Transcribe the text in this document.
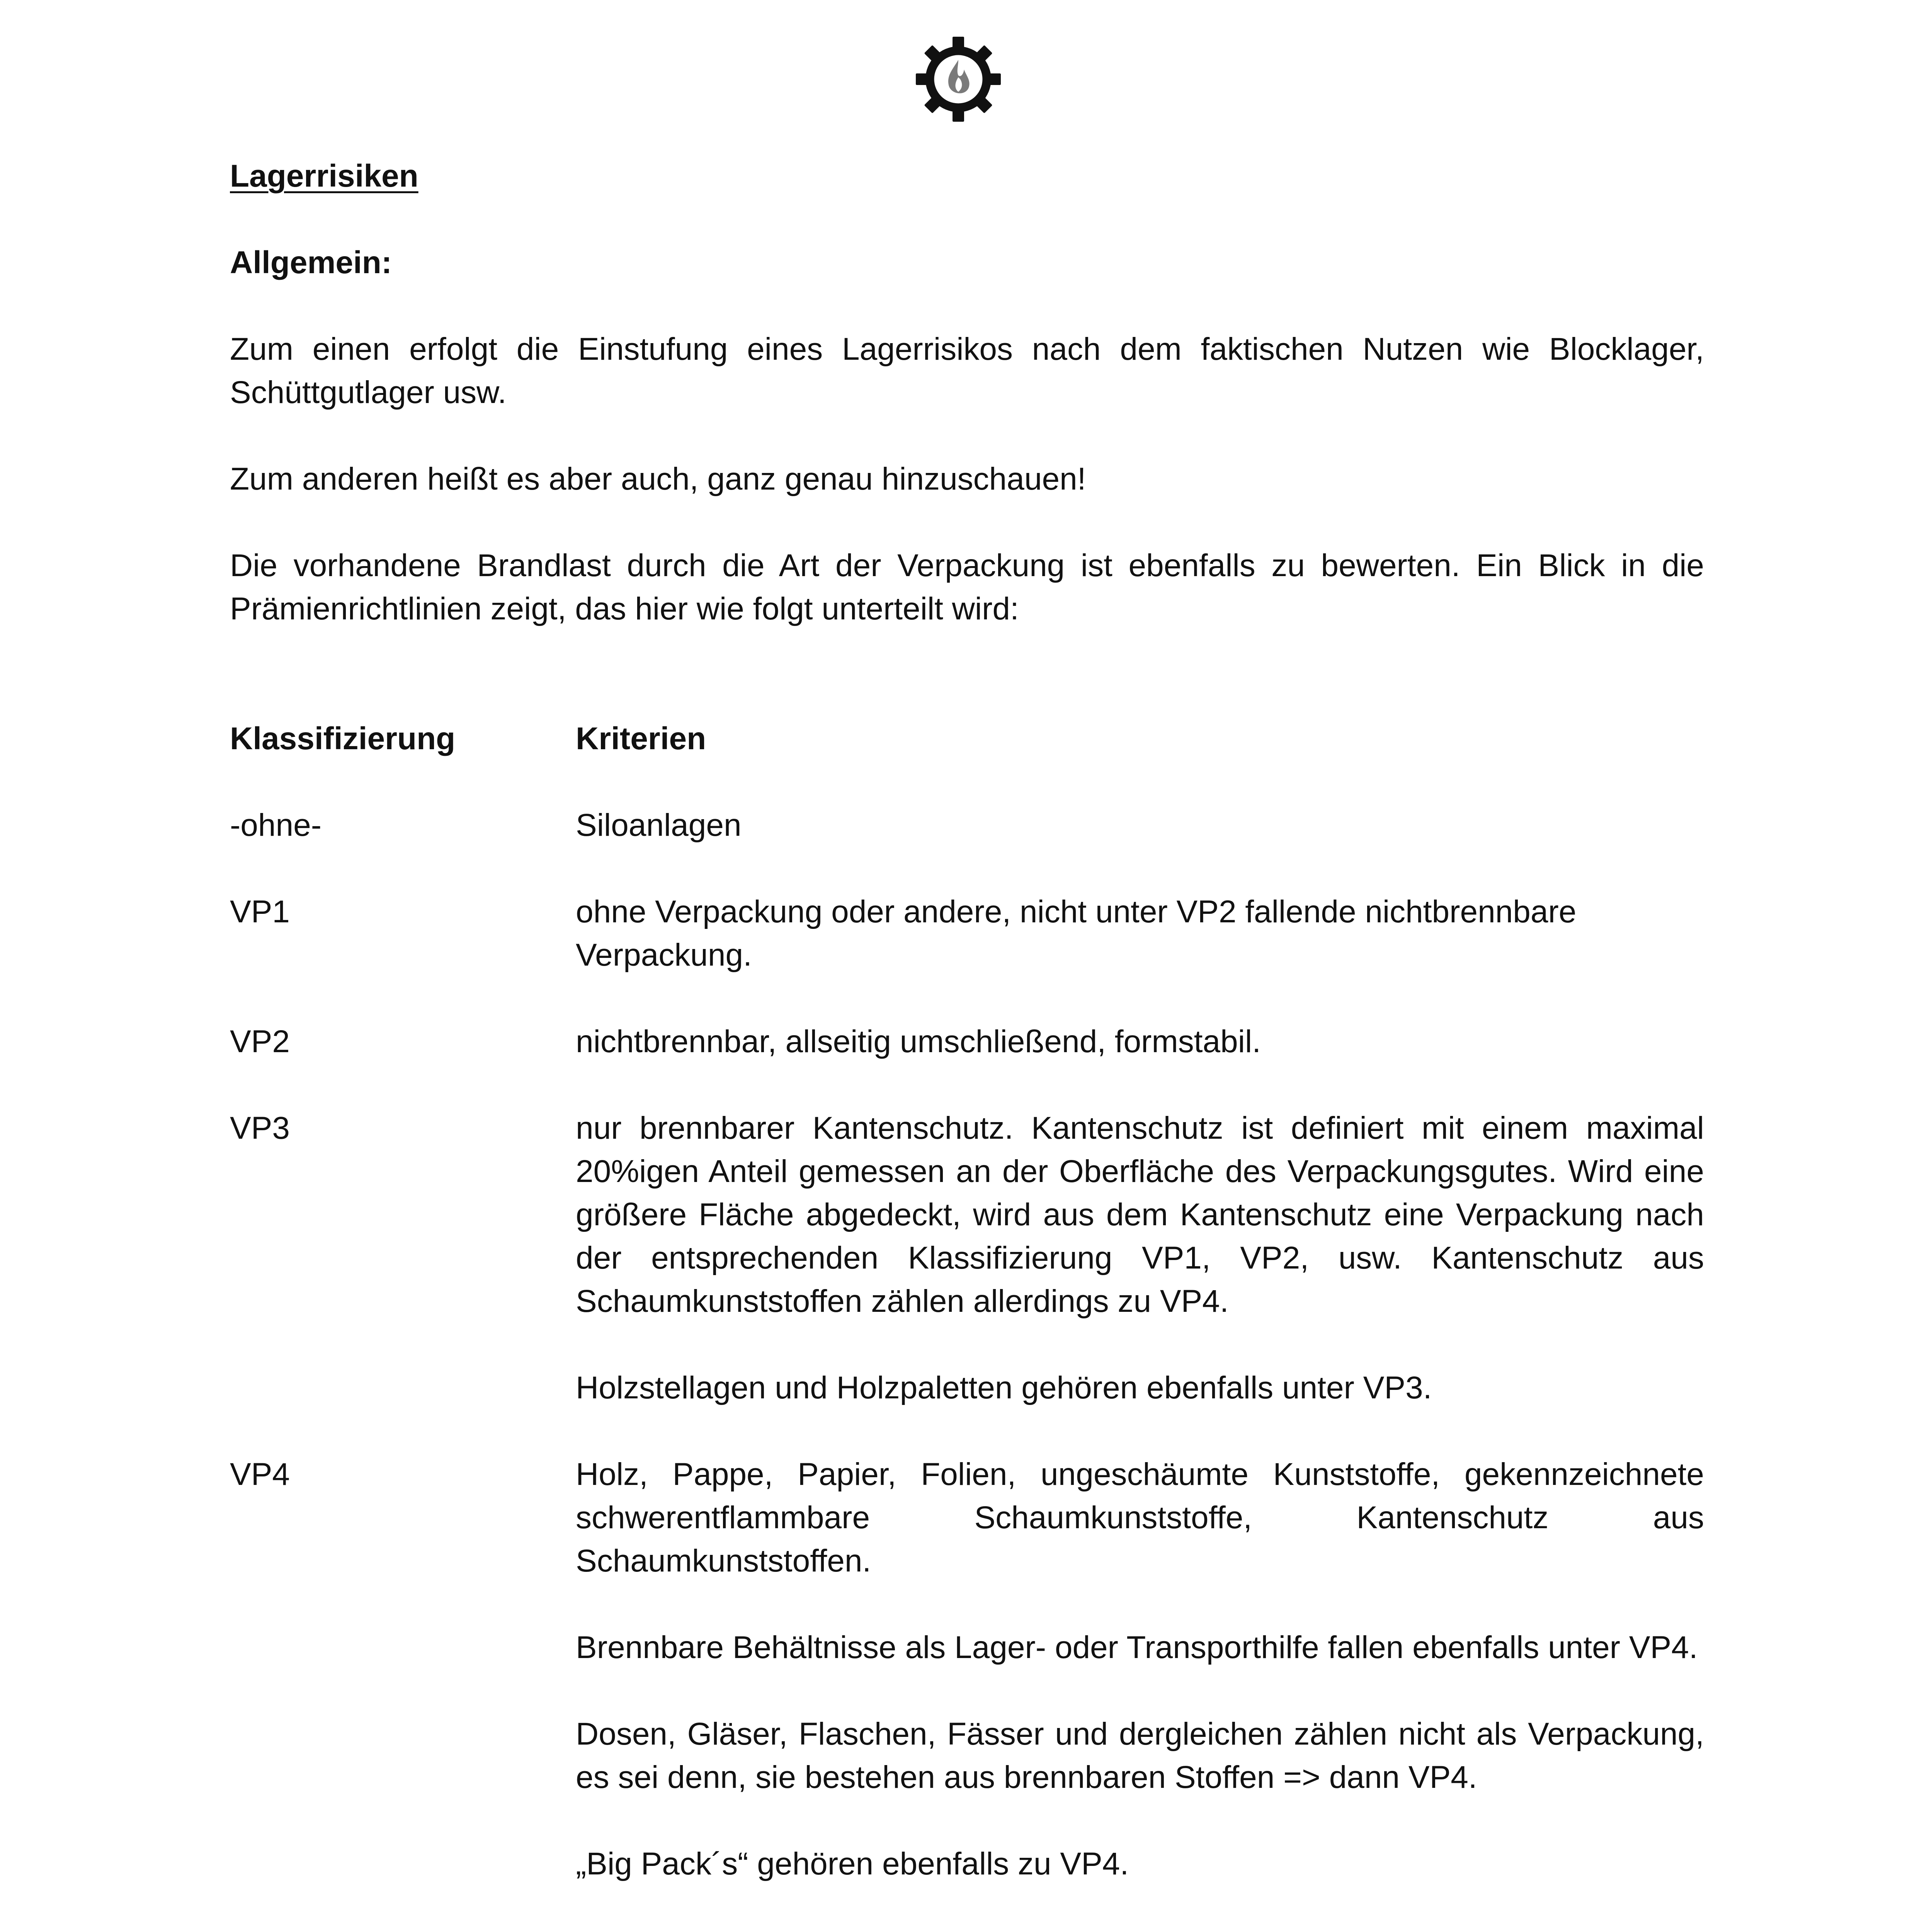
Lagerrisiken

Allgemein:

Zum einen erfolgt die Einstufung eines Lagerrisikos nach dem faktischen Nutzen wie Blocklager, Schüttgutlager usw.

Zum anderen heißt es aber auch, ganz genau hinzuschauen!

Die vorhandene Brandlast durch die Art der Verpackung ist ebenfalls zu bewerten. Ein Blick in die Prämienrichtlinien zeigt, das hier wie folgt unterteilt wird:

Klassifizierung	Kriterien
-ohne-	Siloanlagen

VP1	ohne Verpackung oder andere, nicht unter VP2 fallende nichtbrennbare Verpackung.

VP2	nichtbrennbar, allseitig umschließend, formstabil.

VP3	nur brennbarer Kantenschutz. Kantenschutz ist definiert mit einem maximal 20%igen Anteil gemessen an der Oberfläche des Verpackungsgutes. Wird eine größere Fläche abgedeckt, wird aus dem Kantenschutz eine Verpackung nach der entsprechenden Klassifizierung VP1, VP2, usw. Kantenschutz aus Schaumkunststoffen zählen allerdings zu VP4.

Holzstellagen und Holzpaletten gehören ebenfalls unter VP3.

VP4	Holz, Pappe, Papier, Folien, ungeschäumte Kunststoffe, gekennzeichnete schwerentflammbare Schaumkunststoffe, Kantenschutz aus Schaumkunststoffen.

Brennbare Behältnisse als Lager- oder Transporthilfe fallen ebenfalls unter VP4.

Dosen, Gläser, Flaschen, Fässer und dergleichen zählen nicht als Verpackung, es sei denn, sie bestehen aus brennbaren Stoffen => dann VP4.

„Big Pack´s“ gehören ebenfalls zu VP4.
